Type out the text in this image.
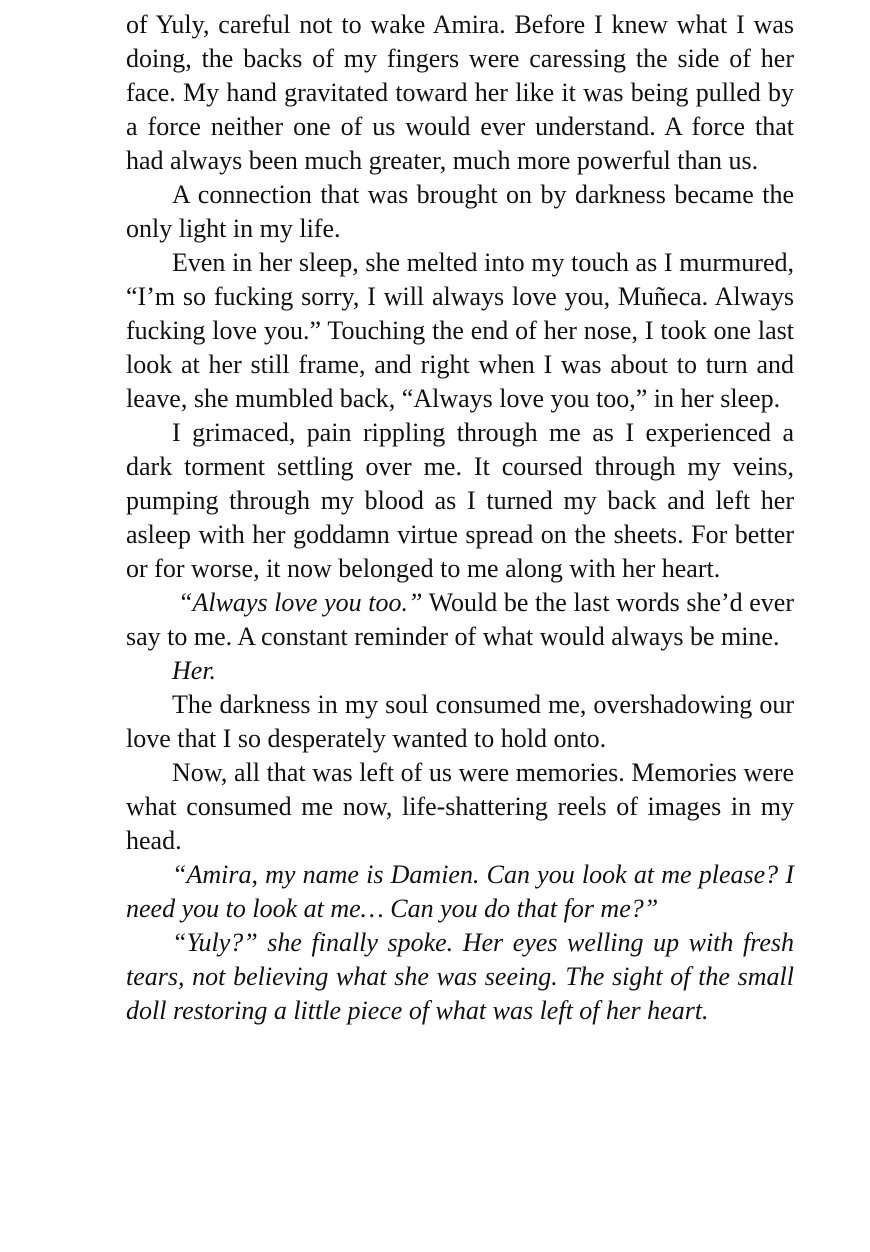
of Yuly, careful not to wake Amira. Before I knew what I was doing, the backs of my fingers were caressing the side of her face. My hand gravitated toward her like it was being pulled by a force neither one of us would ever understand. A force that had always been much greater, much more powerful than us.

A connection that was brought on by darkness became the only light in my life.

Even in her sleep, she melted into my touch as I murmured, “I’m so fucking sorry, I will always love you, Muñeca. Always fucking love you.” Touching the end of her nose, I took one last look at her still frame, and right when I was about to turn and leave, she mumbled back, “Always love you too,” in her sleep.

I grimaced, pain rippling through me as I experienced a dark torment settling over me. It coursed through my veins, pumping through my blood as I turned my back and left her asleep with her goddamn virtue spread on the sheets. For better or for worse, it now belonged to me along with her heart.

“Always love you too.” Would be the last words she’d ever say to me. A constant reminder of what would always be mine.

Her.

The darkness in my soul consumed me, overshadowing our love that I so desperately wanted to hold onto.

Now, all that was left of us were memories. Memories were what consumed me now, life-shattering reels of images in my head.

“Amira, my name is Damien. Can you look at me please? I need you to look at me… Can you do that for me?”

“Yuly?” she finally spoke. Her eyes welling up with fresh tears, not believing what she was seeing. The sight of the small doll restoring a little piece of what was left of her heart.
